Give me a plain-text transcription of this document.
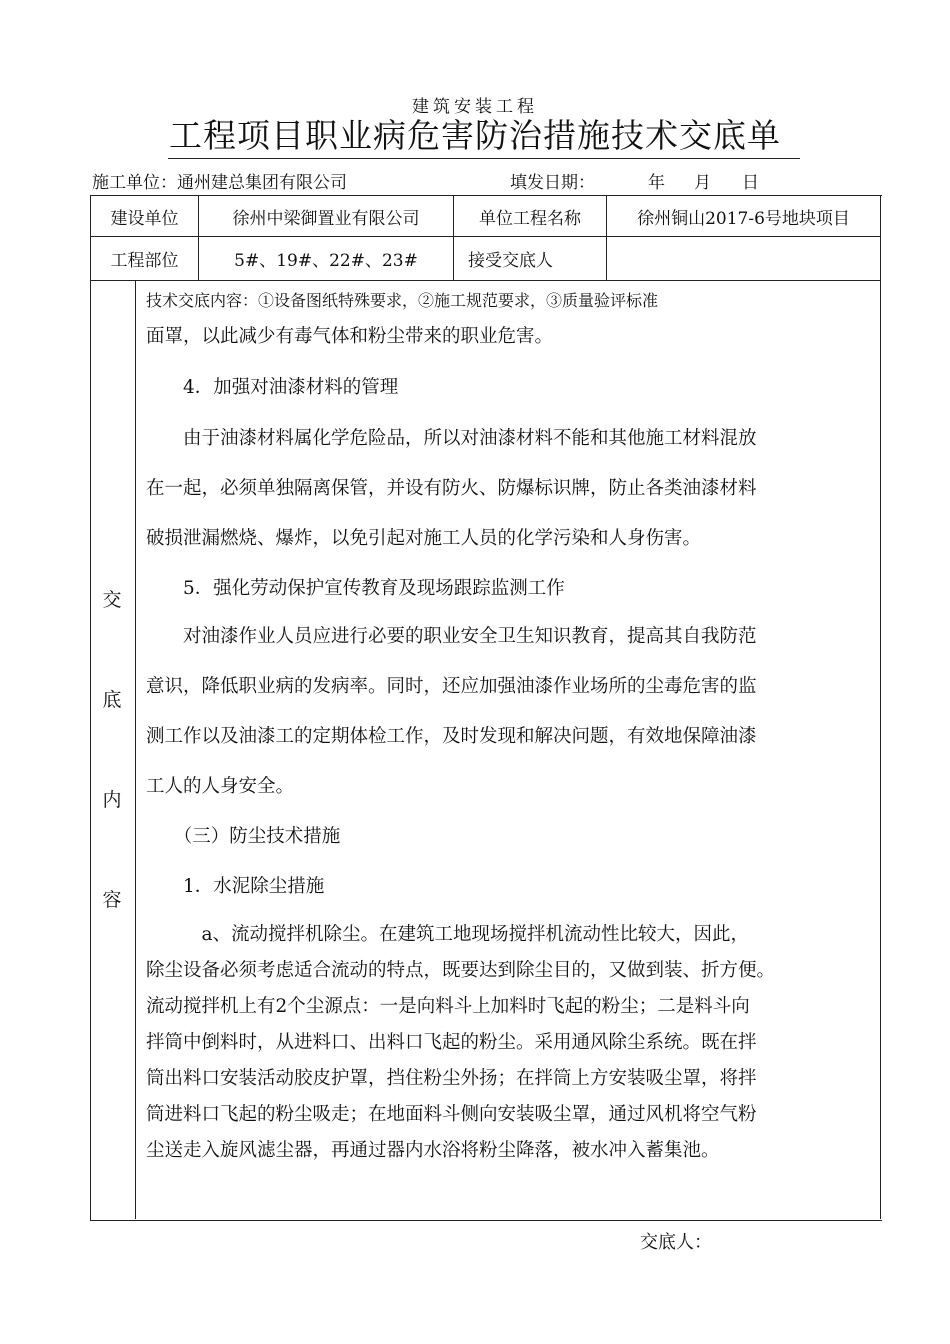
建筑安装工程
工程项目职业病危害防治措施技术交底单
施工单位：通州建总集团有限公司	填发日期：	年 月 日
建设单位	徐州中梁御置业有限公司	单位工程名称	徐州铜山2017-6号地块项目
工程部位	5#、19#、22#、23#	接受交底人
交
底
内
容
技术交底内容：①设备图纸特殊要求，②施工规范要求，③质量验评标准
面罩，以此减少有毒气体和粉尘带来的职业危害。
　　4．加强对油漆材料的管理
　　由于油漆材料属化学危险品，所以对油漆材料不能和其他施工材料混放
在一起，必须单独隔离保管，并设有防火、防爆标识牌，防止各类油漆材料
破损泄漏燃烧、爆炸，以免引起对施工人员的化学污染和人身伤害。
　　5．强化劳动保护宣传教育及现场跟踪监测工作
　　对油漆作业人员应进行必要的职业安全卫生知识教育，提高其自我防范
意识，降低职业病的发病率。同时，还应加强油漆作业场所的尘毒危害的监
测工作以及油漆工的定期体检工作，及时发现和解决问题，有效地保障油漆
工人的人身安全。
　　（三）防尘技术措施
　　1．水泥除尘措施
　　　a、流动搅拌机除尘。在建筑工地现场搅拌机流动性比较大，因此，
除尘设备必须考虑适合流动的特点，既要达到除尘目的，又做到装、折方便。
流动搅拌机上有2个尘源点：一是向料斗上加料时飞起的粉尘；二是料斗向
拌筒中倒料时，从进料口、出料口飞起的粉尘。采用通风除尘系统。既在拌
筒出料口安装活动胶皮护罩，挡住粉尘外扬；在拌筒上方安装吸尘罩，将拌
筒进料口飞起的粉尘吸走；在地面料斗侧向安装吸尘罩，通过风机将空气粉
尘送走入旋风滤尘器，再通过器内水浴将粉尘降落，被水冲入蓄集池。
交底人：
